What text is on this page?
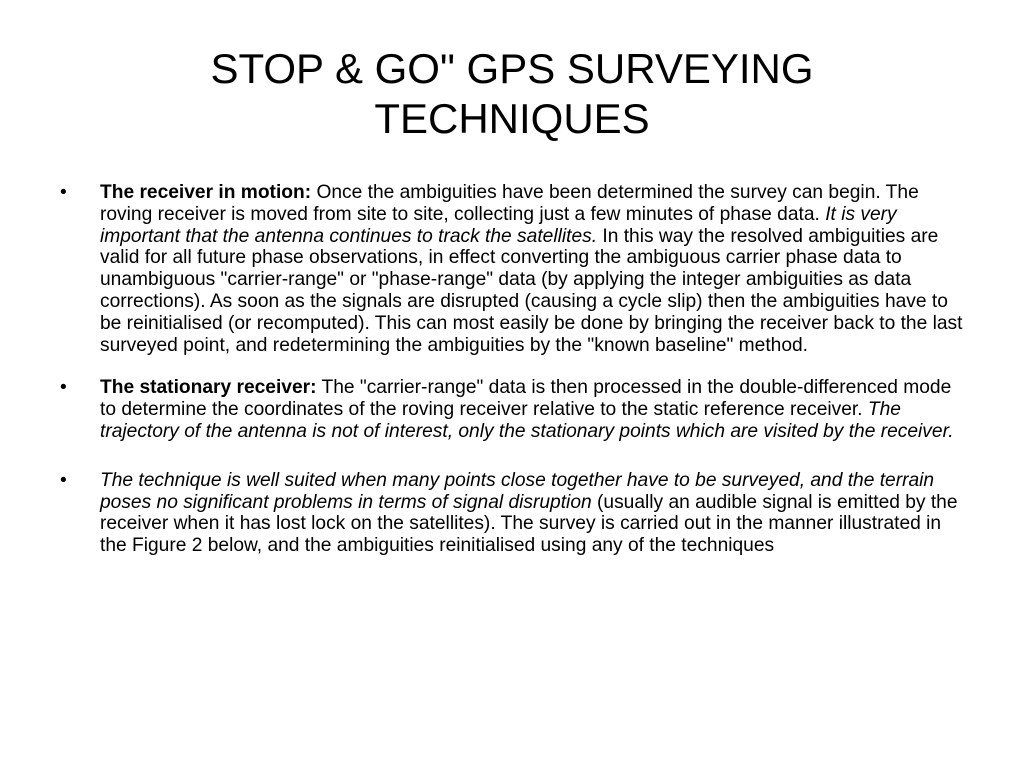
STOP & GO" GPS SURVEYING TECHNIQUES
•	The receiver in motion: Once the ambiguities have been determined the survey can begin. The roving receiver is moved from site to site, collecting just a few minutes of phase data. It is very important that the antenna continues to track the satellites. In this way the resolved ambiguities are valid for all future phase observations, in effect converting the ambiguous carrier phase data to unambiguous "carrier-range" or "phase-range" data (by applying the integer ambiguities as data corrections). As soon as the signals are disrupted (causing a cycle slip) then the ambiguities have to be reinitialised (or recomputed). This can most easily be done by bringing the receiver back to the last surveyed point, and redetermining the ambiguities by the "known baseline" method.
•	The stationary receiver: The "carrier-range" data is then processed in the double-differenced mode to determine the coordinates of the roving receiver relative to the static reference receiver. The trajectory of the antenna is not of interest, only the stationary points which are visited by the receiver.
•	The technique is well suited when many points close together have to be surveyed, and the terrain poses no significant problems in terms of signal disruption (usually an audible signal is emitted by the receiver when it has lost lock on the satellites). The survey is carried out in the manner illustrated in the Figure 2 below, and the ambiguities reinitialised using any of the techniques
